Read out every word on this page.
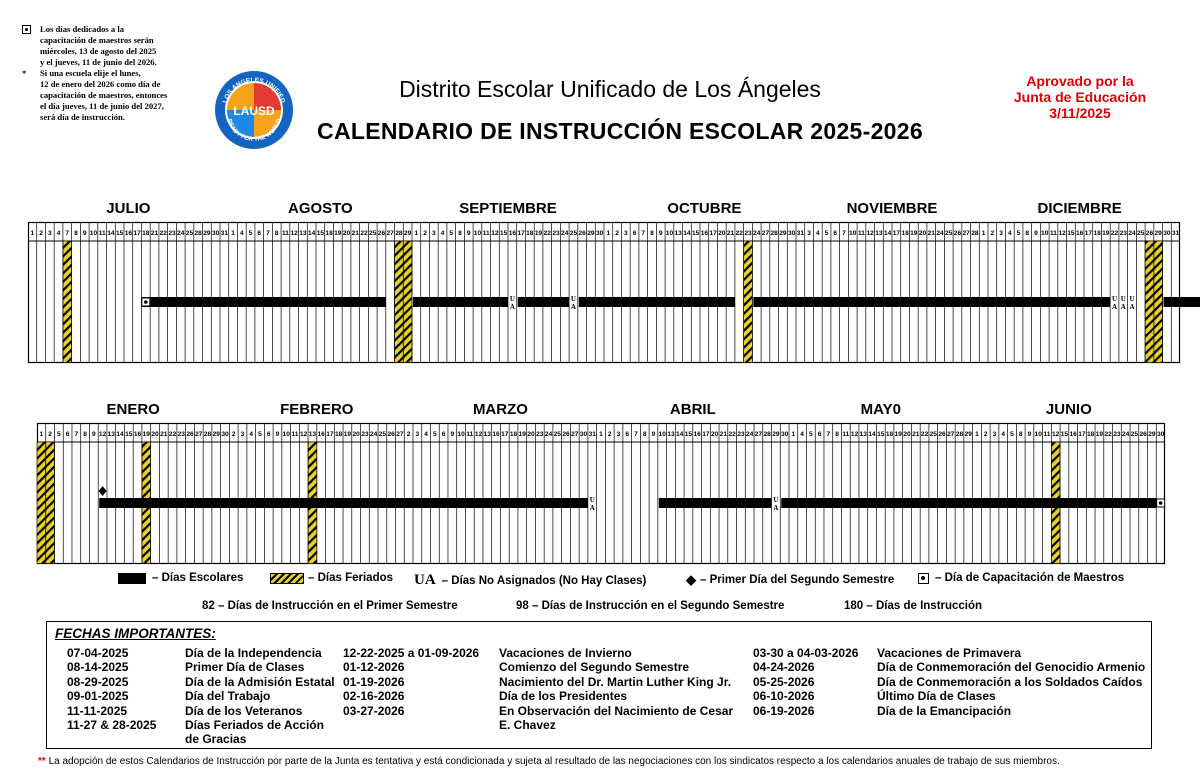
Los días dedicados a la
capacitación de maestros serán
miércoles, 13 de agosto del 2025
y el jueves, 11 de junio del 2026.
* Si una escuela elije el lunes,
12 de enero del 2026 como día de
capacitación de maestros, entonces
el día jueves, 11 de junio del 2027,
será día de instrucción.
LOS ANGELES UNIFIED
READY FOR THE WORLD
LAUSD
Distrito Escolar Unificado de Los Ángeles
CALENDARIO DE INSTRUCCIÓN ESCOLAR 2025-2026
Aprovado por la
Junta de Educación
3/11/2025
JULIO	AGOSTO	SEPTIEMBRE	OCTUBRE	NOVIEMBRE	DICIEMBRE
1 2 3 4 7 8 9 10 11 14 15 16 17 18 21 22 23 24 25 28 29 30 31 1 4 5 6 7 8 11 12 13 14 15 18 19 20 21 22 25 26 27 28 29 1 2 3 4 5 8 9 10 11 12 15 16 17 18 19 22 23 24 25 26 29 30 1 2 3 6 7 8 9 10 13 14 15 16 17 20 21 22 23 24 27 28 29 30 31 3 4 5 6 7 10 11 12 13 14 17 18 19 20 21 24 25 26 27 28 1 2 3 4 5 8 9 10 11 12 15 16 17 18 19 22 23 24 25 26 29 30 31
U
A
U
A
U
A
U
A
U
A
ENERO	FEBRERO	MARZO	ABRIL	MAY0	JUNIO
1 2 5 6 7 8 9 12 13 14 15 16 19 20 21 22 23 26 27 28 29 30 2 3 4 5 6 9 10 11 12 13 16 17 18 19 20 23 24 25 26 27 2 3 4 5 6 9 10 11 12 13 16 17 18 19 20 23 24 25 26 27 30 31 1 2 3 6 7 8 9 10 13 14 15 16 17 20 21 22 23 24 27 28 29 30 1 4 5 6 7 8 11 12 13 14 15 18 19 20 21 22 25 26 27 28 29 1 2 3 4 5 8 9 10 11 12 15 16 17 18 19 22 23 24 25 26 29 30
U
A
U
A
– Días Escolares	– Días Feriados UA – Días No Asignados (No Hay Clases)	◆ – Primer Día del Segundo Semestre	– Día de Capacitación de Maestros
82 – Días de Instrucción en el Primer Semestre	98 – Días de Instrucción en el Segundo Semestre	180 – Días de Instrucción
FECHAS IMPORTANTES:
07-04-2025	Día de la Independencia
08-14-2025	Primer Día de Clases
08-29-2025	Día de la Admisión Estatal
09-01-2025	Día del Trabajo
11-11-2025	Día de los Veteranos
11-27 & 28-2025	Días Feriados de Acción de Gracias
12-22-2025 a 01-09-2026	Vacaciones de Invierno
01-12-2026	Comienzo del Segundo Semestre
01-19-2026	Nacimiento del Dr. Martin Luther King Jr.
02-16-2026	Día de los Presidentes
03-27-2026	En Observación del Nacimiento de Cesar E. Chavez
03-30 a 04-03-2026	Vacaciones de Primavera
04-24-2026	Día de Conmemoración del Genocidio Armenio
05-25-2026	Día de Conmemoración a los Soldados Caídos
06-10-2026	Último Día de Clases
06-19-2026	Día de la Emancipación
** La adopción de estos Calendarios de Instrucción por parte de la Junta es tentativa y está condicionada y sujeta al resultado de las negociaciones con los sindicatos respecto a los calendarios anuales de trabajo de sus miembros.
